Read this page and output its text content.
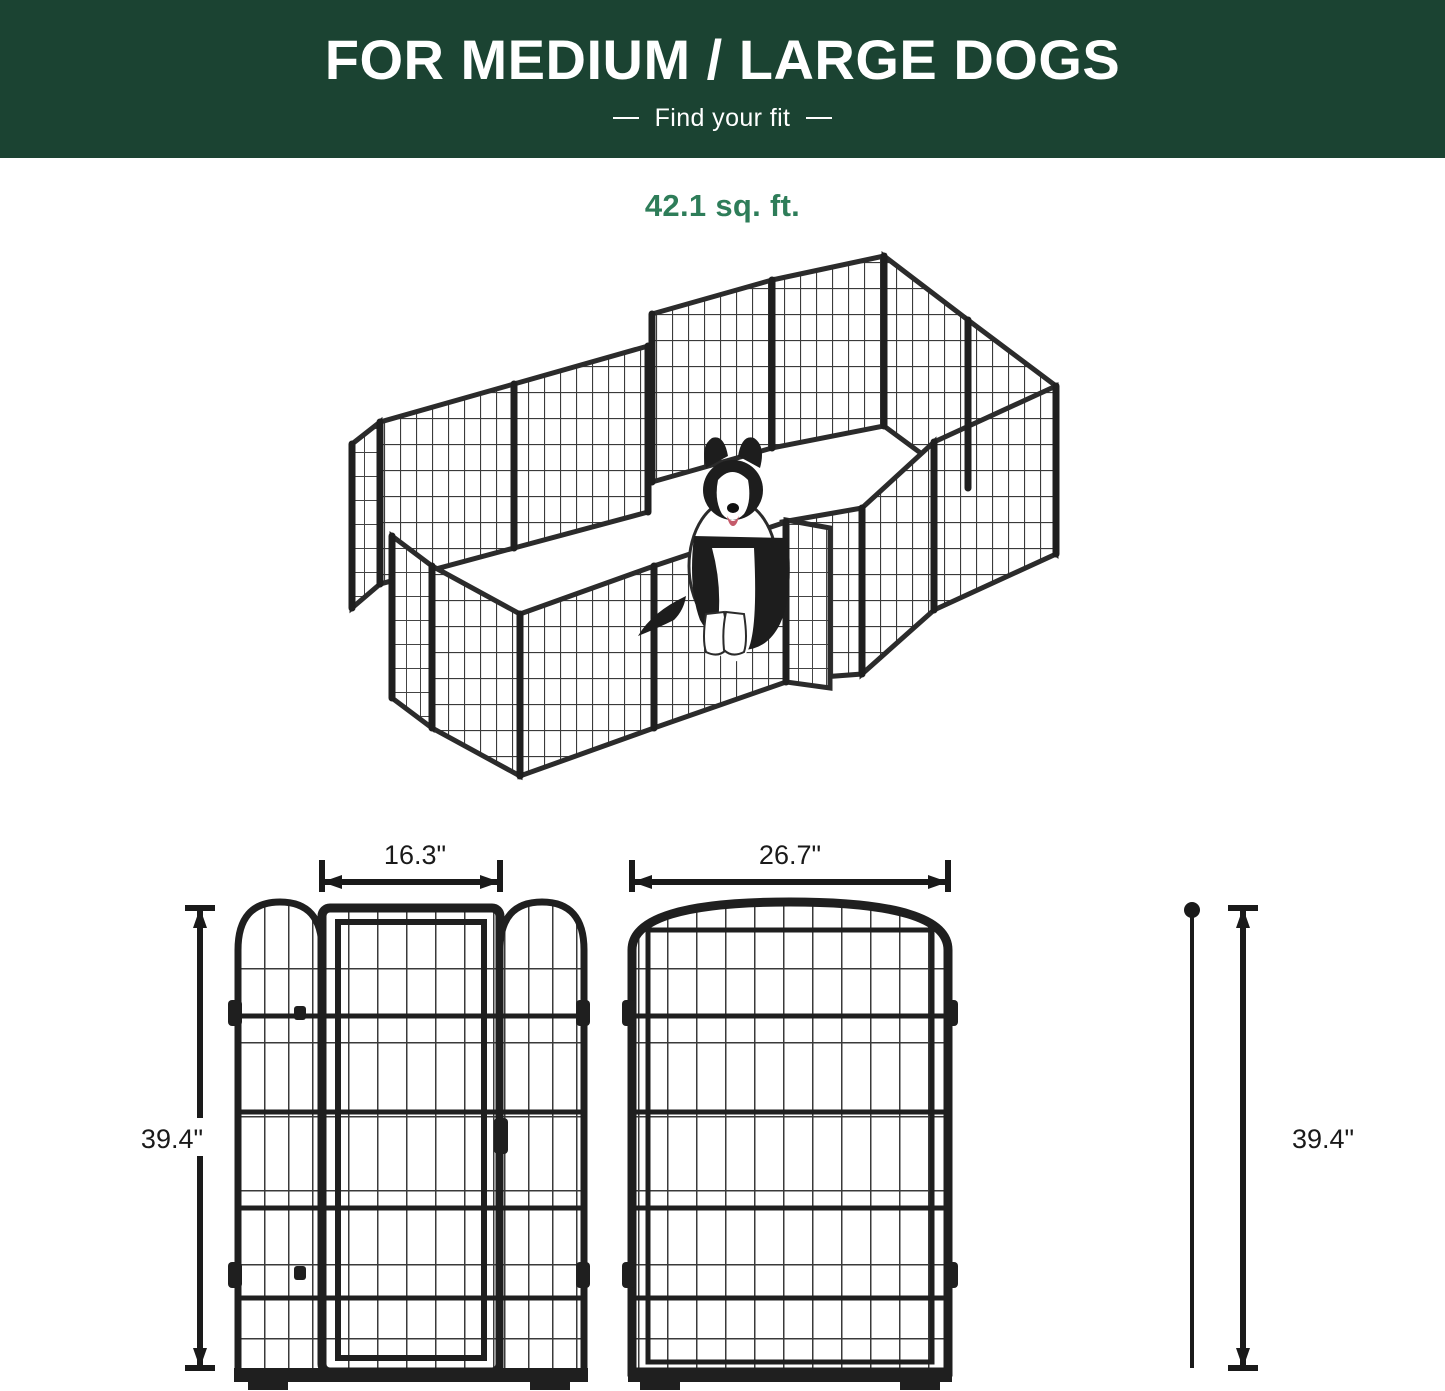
FOR MEDIUM / LARGE DOGS
Find your fit
42.1 sq. ft.
16.3"	26.7"
39.4"	39.4"
